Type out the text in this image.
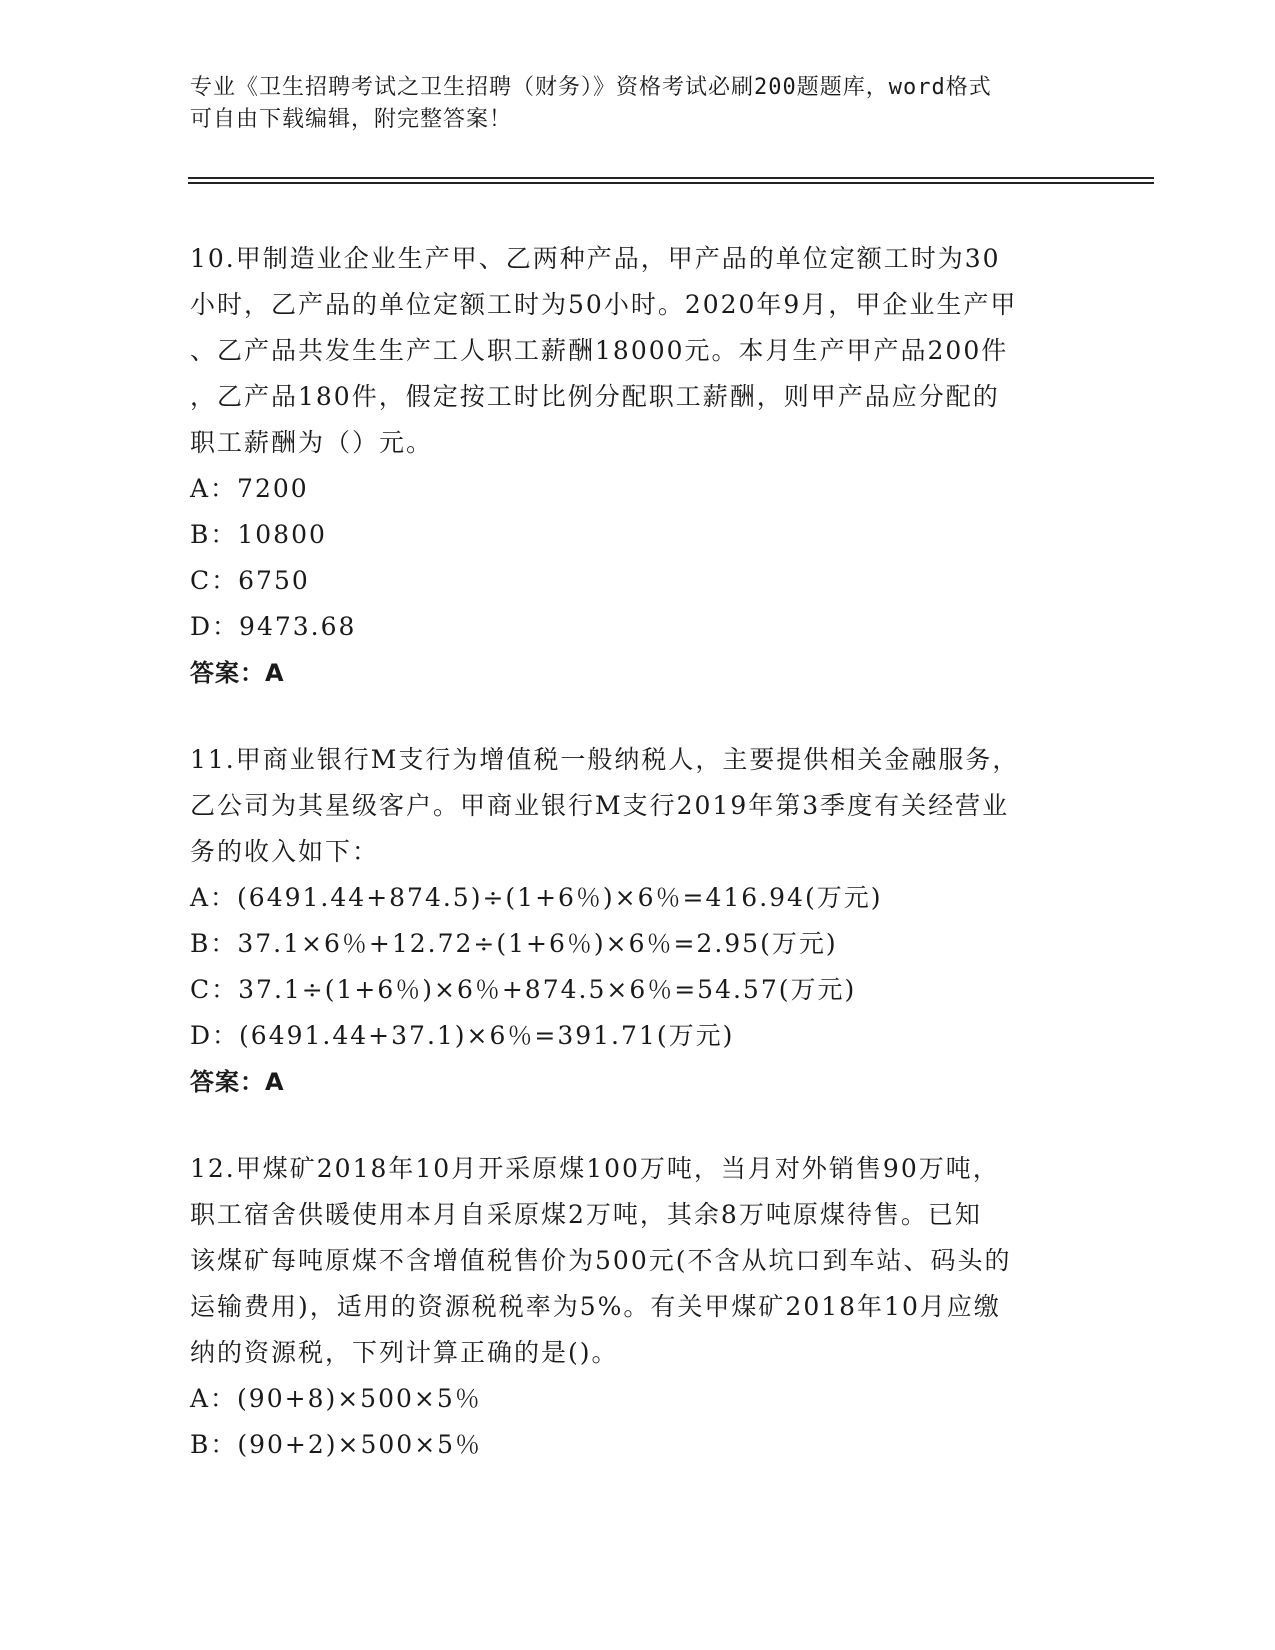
专业《卫生招聘考试之卫生招聘（财务）》资格考试必刷200题题库，word格式
可自由下载编辑，附完整答案！
10.甲制造业企业生产甲、乙两种产品，甲产品的单位定额工时为30
小时，乙产品的单位定额工时为50小时。2020年9月，甲企业生产甲
、乙产品共发生生产工人职工薪酬18000元。本月生产甲产品200件
，乙产品180件，假定按工时比例分配职工薪酬，则甲产品应分配的
职工薪酬为（）元。
A：7200
B：10800
C：6750
D：9473.68
答案：A
11.甲商业银行M支行为增值税一般纳税人，主要提供相关金融服务，
乙公司为其星级客户。甲商业银行M支行2019年第3季度有关经营业
务的收入如下：
A：(6491.44+874.5)÷(1+6％)×6％=416.94(万元)
B：37.1×6％+12.72÷(1+6％)×6％=2.95(万元)
C：37.1÷(1+6％)×6％+874.5×6％=54.57(万元)
D：(6491.44+37.1)×6％=391.71(万元)
答案：A
12.甲煤矿2018年10月开采原煤100万吨，当月对外销售90万吨，
职工宿舍供暖使用本月自采原煤2万吨，其余8万吨原煤待售。已知
该煤矿每吨原煤不含增值税售价为500元(不含从坑口到车站、码头的
运输费用)，适用的资源税税率为5%。有关甲煤矿2018年10月应缴
纳的资源税，下列计算正确的是()。
A：(90+8)×500×5％
B：(90+2)×500×5％
